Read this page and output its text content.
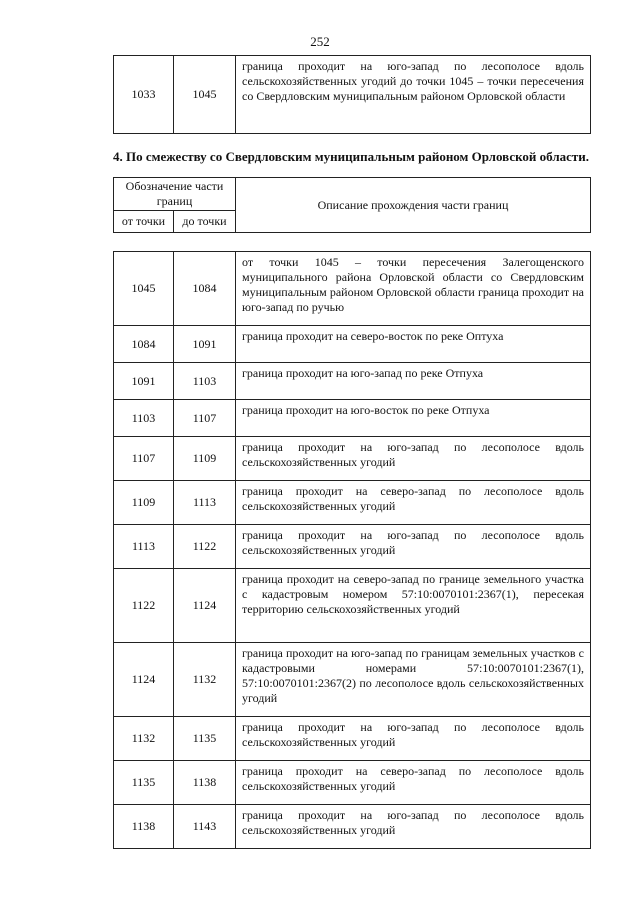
252
1033	1045	граница проходит на юго-запад по лесополосе вдоль сельскохозяйственных угодий до точки 1045 – точки пересечения со Свердловским муниципальным районом Орловской области
4. По смежеству со Свердловским муниципальным районом Орловской области.
Обозначение части границ		Описание прохождения части границ
от точки	до точки	
1045	1084	от точки 1045 – точки пересечения Залегощенского муниципального района Орловской области со Свердловским муниципальным районом Орловской области граница проходит на юго-запад по ручью
1084	1091	граница проходит на северо-восток по реке Оптуха
1091	1103	граница проходит на юго-запад по реке Отпуха
1103	1107	граница проходит на юго-восток по реке Отпуха
1107	1109	граница проходит на юго-запад по лесополосе вдоль сельскохозяйственных угодий
1109	1113	граница проходит на северо-запад по лесополосе вдоль сельскохозяйственных угодий
1113	1122	граница проходит на юго-запад по лесополосе вдоль сельскохозяйственных угодий
1122	1124	граница проходит на северо-запад по границе земельного участка с кадастровым номером 57:10:0070101:2367(1), пересекая территорию сельскохозяйственных угодий
1124	1132	граница проходит на юго-запад по границам земельных участков с кадастровыми номерами 57:10:0070101:2367(1), 57:10:0070101:2367(2) по лесополосе вдоль сельскохозяйственных угодий
1132	1135	граница проходит на юго-запад по лесополосе вдоль сельскохозяйственных угодий
1135	1138	граница проходит на северо-запад по лесополосе вдоль сельскохозяйственных угодий
1138	1143	граница проходит на юго-запад по лесополосе вдоль сельскохозяйственных угодий
